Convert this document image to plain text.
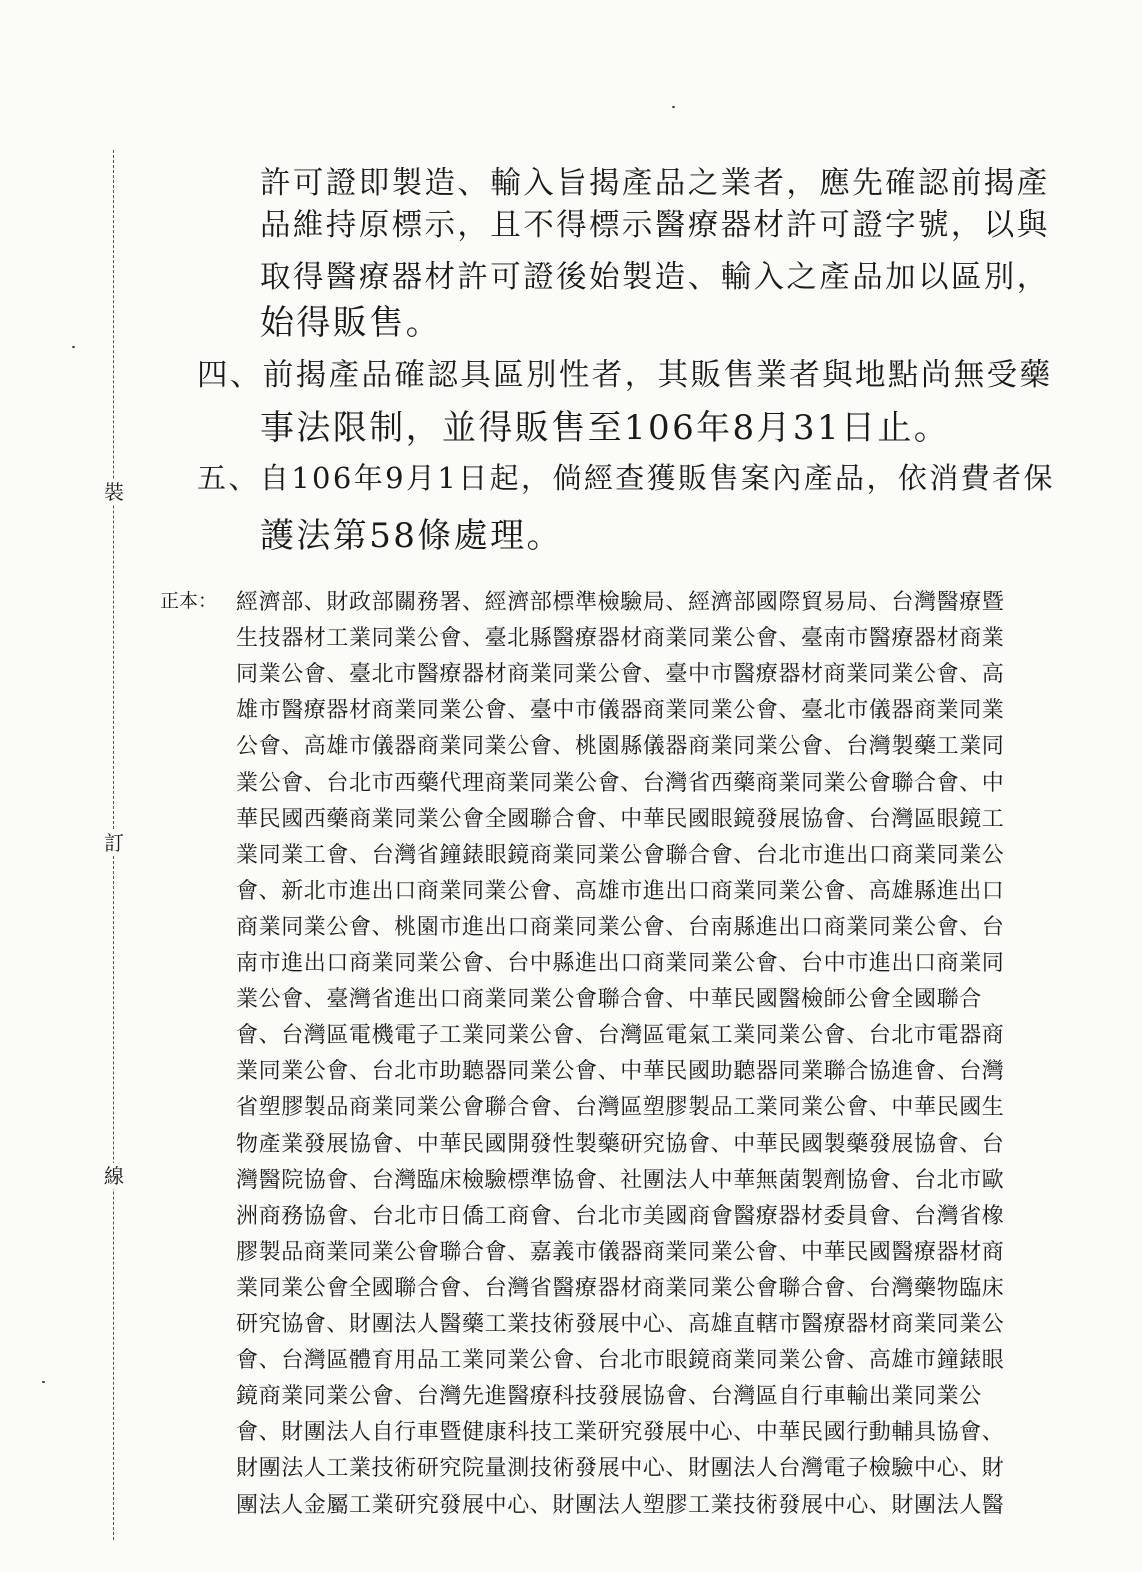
裝
訂
線
許可證即製造、輸入旨揭產品之業者，應先確認前揭產
品維持原標示，且不得標示醫療器材許可證字號，以與
取得醫療器材許可證後始製造、輸入之產品加以區別，
始得販售。
四、前揭產品確認具區別性者，其販售業者與地點尚無受藥
事法限制，並得販售至106年8月31日止。
五、自106年9月1日起，倘經查獲販售案內產品，依消費者保
護法第58條處理。
正本： 經濟部、財政部關務署、經濟部標準檢驗局、經濟部國際貿易局、台灣醫療暨
生技器材工業同業公會、臺北縣醫療器材商業同業公會、臺南市醫療器材商業
同業公會、臺北市醫療器材商業同業公會、臺中市醫療器材商業同業公會、高
雄市醫療器材商業同業公會、臺中市儀器商業同業公會、臺北市儀器商業同業
公會、高雄市儀器商業同業公會、桃園縣儀器商業同業公會、台灣製藥工業同
業公會、台北市西藥代理商業同業公會、台灣省西藥商業同業公會聯合會、中
華民國西藥商業同業公會全國聯合會、中華民國眼鏡發展協會、台灣區眼鏡工
業同業工會、台灣省鐘錶眼鏡商業同業公會聯合會、台北市進出口商業同業公
會、新北市進出口商業同業公會、高雄市進出口商業同業公會、高雄縣進出口
商業同業公會、桃園市進出口商業同業公會、台南縣進出口商業同業公會、台
南市進出口商業同業公會、台中縣進出口商業同業公會、台中市進出口商業同
業公會、臺灣省進出口商業同業公會聯合會、中華民國醫檢師公會全國聯合
會、台灣區電機電子工業同業公會、台灣區電氣工業同業公會、台北市電器商
業同業公會、台北市助聽器同業公會、中華民國助聽器同業聯合協進會、台灣
省塑膠製品商業同業公會聯合會、台灣區塑膠製品工業同業公會、中華民國生
物產業發展協會、中華民國開發性製藥研究協會、中華民國製藥發展協會、台
灣醫院協會、台灣臨床檢驗標準協會、社團法人中華無菌製劑協會、台北市歐
洲商務協會、台北市日僑工商會、台北市美國商會醫療器材委員會、台灣省橡
膠製品商業同業公會聯合會、嘉義市儀器商業同業公會、中華民國醫療器材商
業同業公會全國聯合會、台灣省醫療器材商業同業公會聯合會、台灣藥物臨床
研究協會、財團法人醫藥工業技術發展中心、高雄直轄市醫療器材商業同業公
會、台灣區體育用品工業同業公會、台北市眼鏡商業同業公會、高雄市鐘錶眼
鏡商業同業公會、台灣先進醫療科技發展協會、台灣區自行車輸出業同業公
會、財團法人自行車暨健康科技工業研究發展中心、中華民國行動輔具協會、
財團法人工業技術研究院量測技術發展中心、財團法人台灣電子檢驗中心、財
團法人金屬工業研究發展中心、財團法人塑膠工業技術發展中心、財團法人醫
